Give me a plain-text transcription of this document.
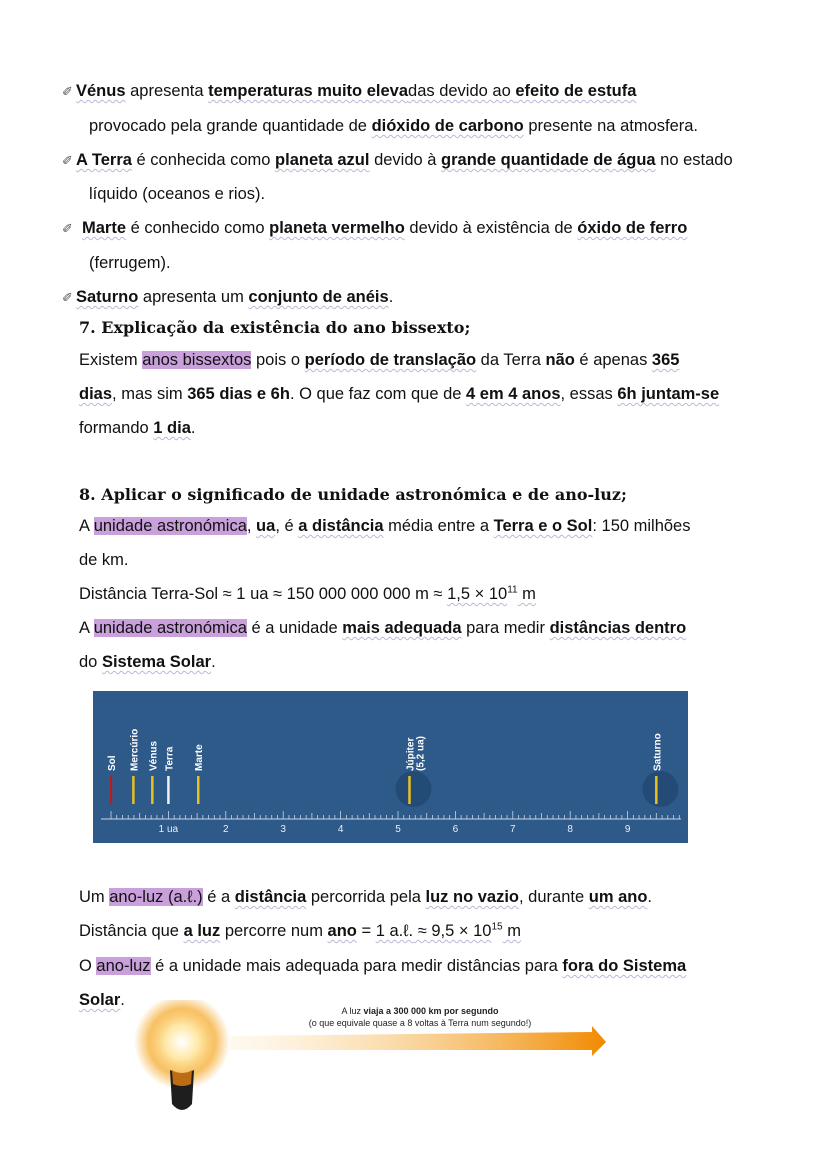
✐ Vénus apresenta temperaturas muito elevadas devido ao efeito de estufa
provocado pela grande quantidade de dióxido de carbono presente na atmosfera.
✐ A Terra é conhecida como planeta azul devido à grande quantidade de água no estado
líquido (oceanos e rios).
✐ Marte é conhecido como planeta vermelho devido à existência de óxido de ferro
(ferrugem).
✐ Saturno apresenta um conjunto de anéis.
7. Explicação da existência do ano bissexto;
Existem anos bissextos pois o período de translação da Terra não é apenas 365
dias, mas sim 365 dias e 6h. O que faz com que de 4 em 4 anos, essas 6h juntam-se
formando 1 dia.
8. Aplicar o significado de unidade astronómica e de ano-luz;
A unidade astronómica, ua, é a distância média entre a Terra e o Sol: 150 milhões
de km.
Distância Terra-Sol ≈ 1 ua ≈ 150 000 000 000 $m \approx 1,5 \times 10^{11}$ m
A unidade astronómica é a unidade mais adequada para medir distâncias dentro
do Sistema Solar.
1 ua	2	3	4	5	6	7	8	9
Sol Mercúrio Vénus Terra Marte	Júpiter (5,2 ua)	Saturno
Um ano-luz (a.ℓ.) é a distância percorrida pela luz no vazio, durante um ano.
Distância que a luz percorre num ano = 1 a.ℓ. ≈ $9,5 \times 10^{15}$ m
O ano-luz é a unidade mais adequada para medir distâncias para fora do Sistema
Solar.
A luz viaja a 300 000 km por segundo
(o que equivale quase a 8 voltas à Terra num segundo!)
